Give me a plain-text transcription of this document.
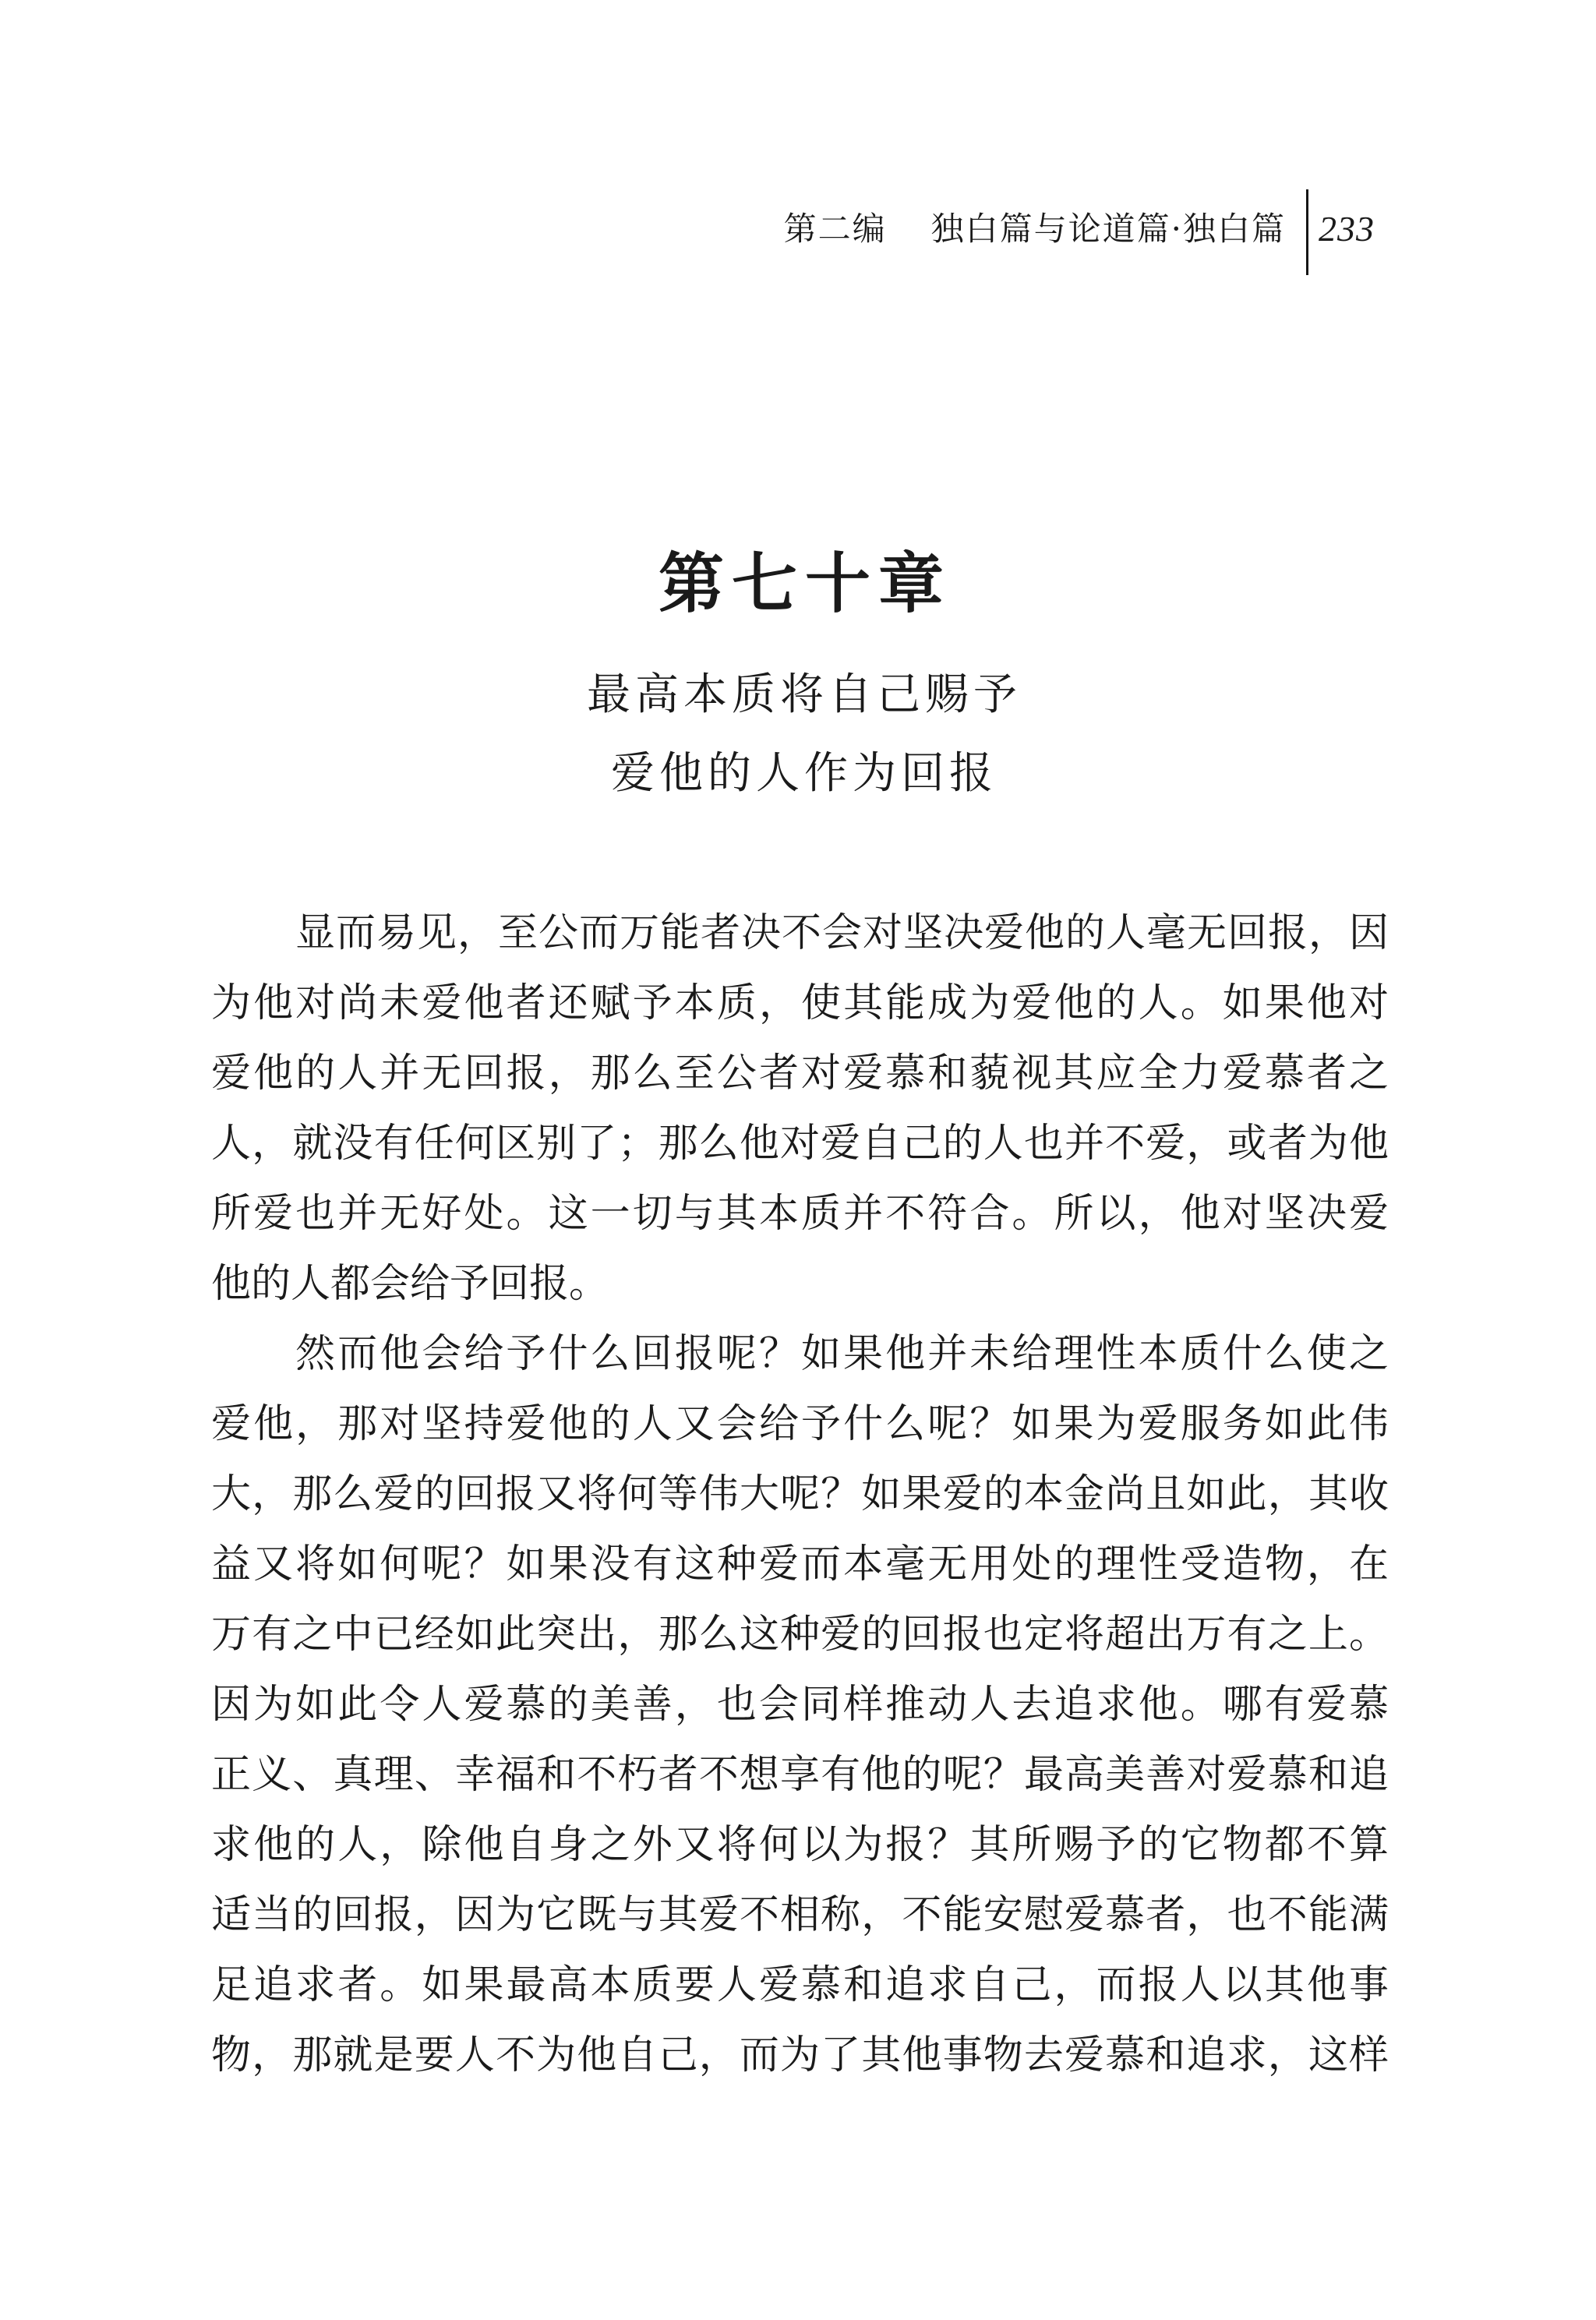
第二编 独白篇与论道篇·独白篇 233
第七十章
最高本质将自己赐予
爱他的人作为回报
显而易见，至公而万能者决不会对坚决爱他的人毫无回报，因
为他对尚未爱他者还赋予本质，使其能成为爱他的人。如果他对
爱他的人并无回报，那么至公者对爱慕和藐视其应全力爱慕者之
人，就没有任何区别了；那么他对爱自己的人也并不爱，或者为他
所爱也并无好处。这一切与其本质并不符合。所以，他对坚决爱
他的人都会给予回报。
然而他会给予什么回报呢？如果他并未给理性本质什么使之
爱他，那对坚持爱他的人又会给予什么呢？如果为爱服务如此伟
大，那么爱的回报又将何等伟大呢？如果爱的本金尚且如此，其收
益又将如何呢？如果没有这种爱而本毫无用处的理性受造物，在
万有之中已经如此突出，那么这种爱的回报也定将超出万有之上。
因为如此令人爱慕的美善，也会同样推动人去追求他。哪有爱慕
正义、真理、幸福和不朽者不想享有他的呢？最高美善对爱慕和追
求他的人，除他自身之外又将何以为报？其所赐予的它物都不算
适当的回报，因为它既与其爱不相称，不能安慰爱慕者，也不能满
足追求者。如果最高本质要人爱慕和追求自己，而报人以其他事
物，那就是要人不为他自己，而为了其他事物去爱慕和追求，这样
